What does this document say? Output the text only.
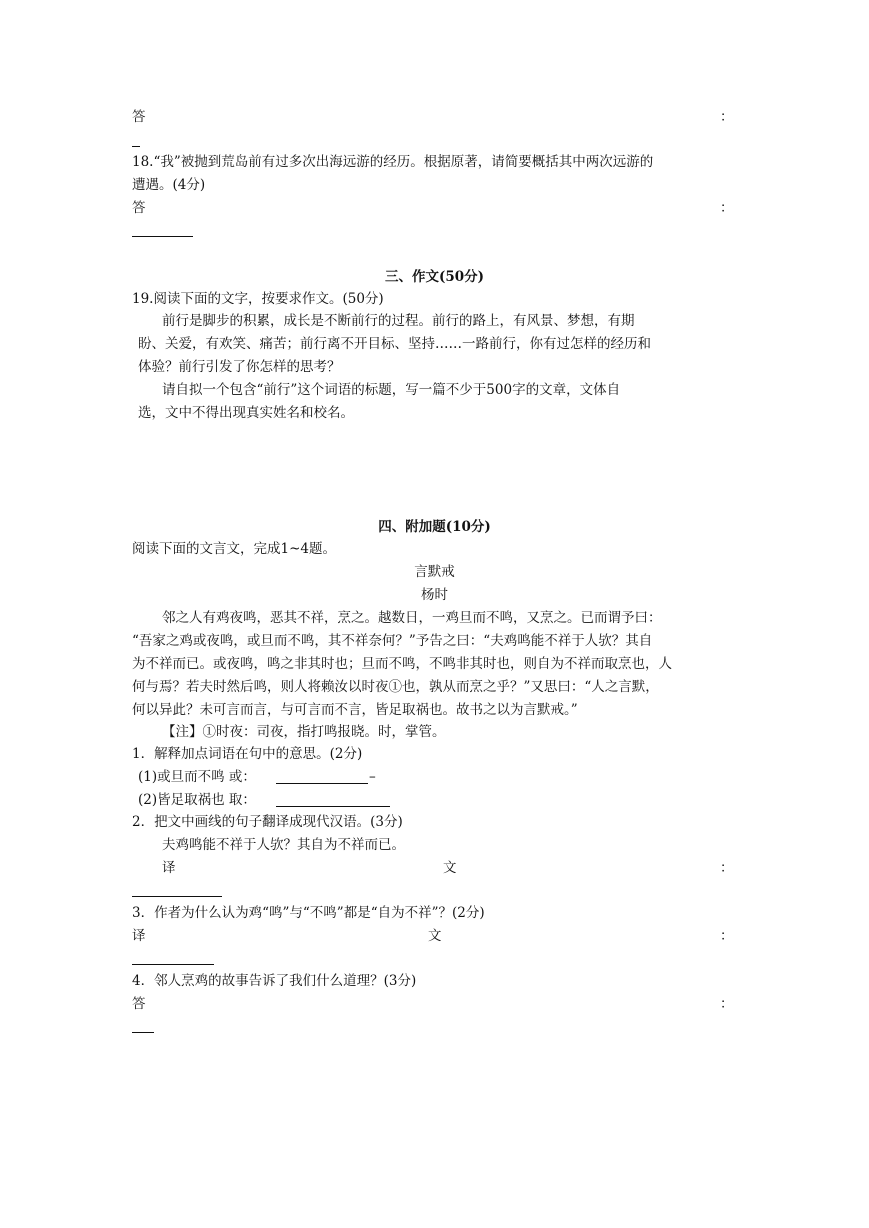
答	：
18.“我”被抛到荒岛前有过多次出海远游的经历。根据原著，请简要概括其中两次远游的
遭遇。(4分)
答	：
三、作文(50分)
19.阅读下面的文字，按要求作文。(50分)
前行是脚步的积累，成长是不断前行的过程。前行的路上，有风景、梦想，有期
盼、关爱，有欢笑、痛苦；前行离不开目标、坚持……一路前行，你有过怎样的经历和
体验？前行引发了你怎样的思考？
请自拟一个包含“前行”这个词语的标题，写一篇不少于500字的文章，文体自
选，文中不得出现真实姓名和校名。
四、附加题(10分)
阅读下面的文言文，完成1~4题。
言默戒
杨时
邻之人有鸡夜鸣，恶其不祥，烹之。越数日，一鸡旦而不鸣，又烹之。已而谓予曰：
“吾家之鸡或夜鸣，或旦而不鸣，其不祥奈何？”予告之曰：“夫鸡鸣能不祥于人欤？其自
为不祥而已。或夜鸣，鸣之非其时也；旦而不鸣，不鸣非其时也，则自为不祥而取烹也，人
何与焉？若夫时然后鸣，则人将赖汝以时夜①也，孰从而烹之乎？”又思曰：“人之言默，
何以异此？未可言而言，与可言而不言，皆足取祸也。故书之以为言默戒。”
【注】①时夜：司夜，指打鸣报晓。时，掌管。
1．解释加点词语在句中的意思。(2分)
(1)或旦而不鸣 或：	–
(2)皆足取祸也 取：
2．把文中画线的句子翻译成现代汉语。(3分)
夫鸡鸣能不祥于人欤？其自为不祥而已。
译	文	：
3．作者为什么认为鸡“鸣”与“不鸣”都是“自为不祥”？(2分)
译	文	：
4．邻人烹鸡的故事告诉了我们什么道理？(3分)
答	：
